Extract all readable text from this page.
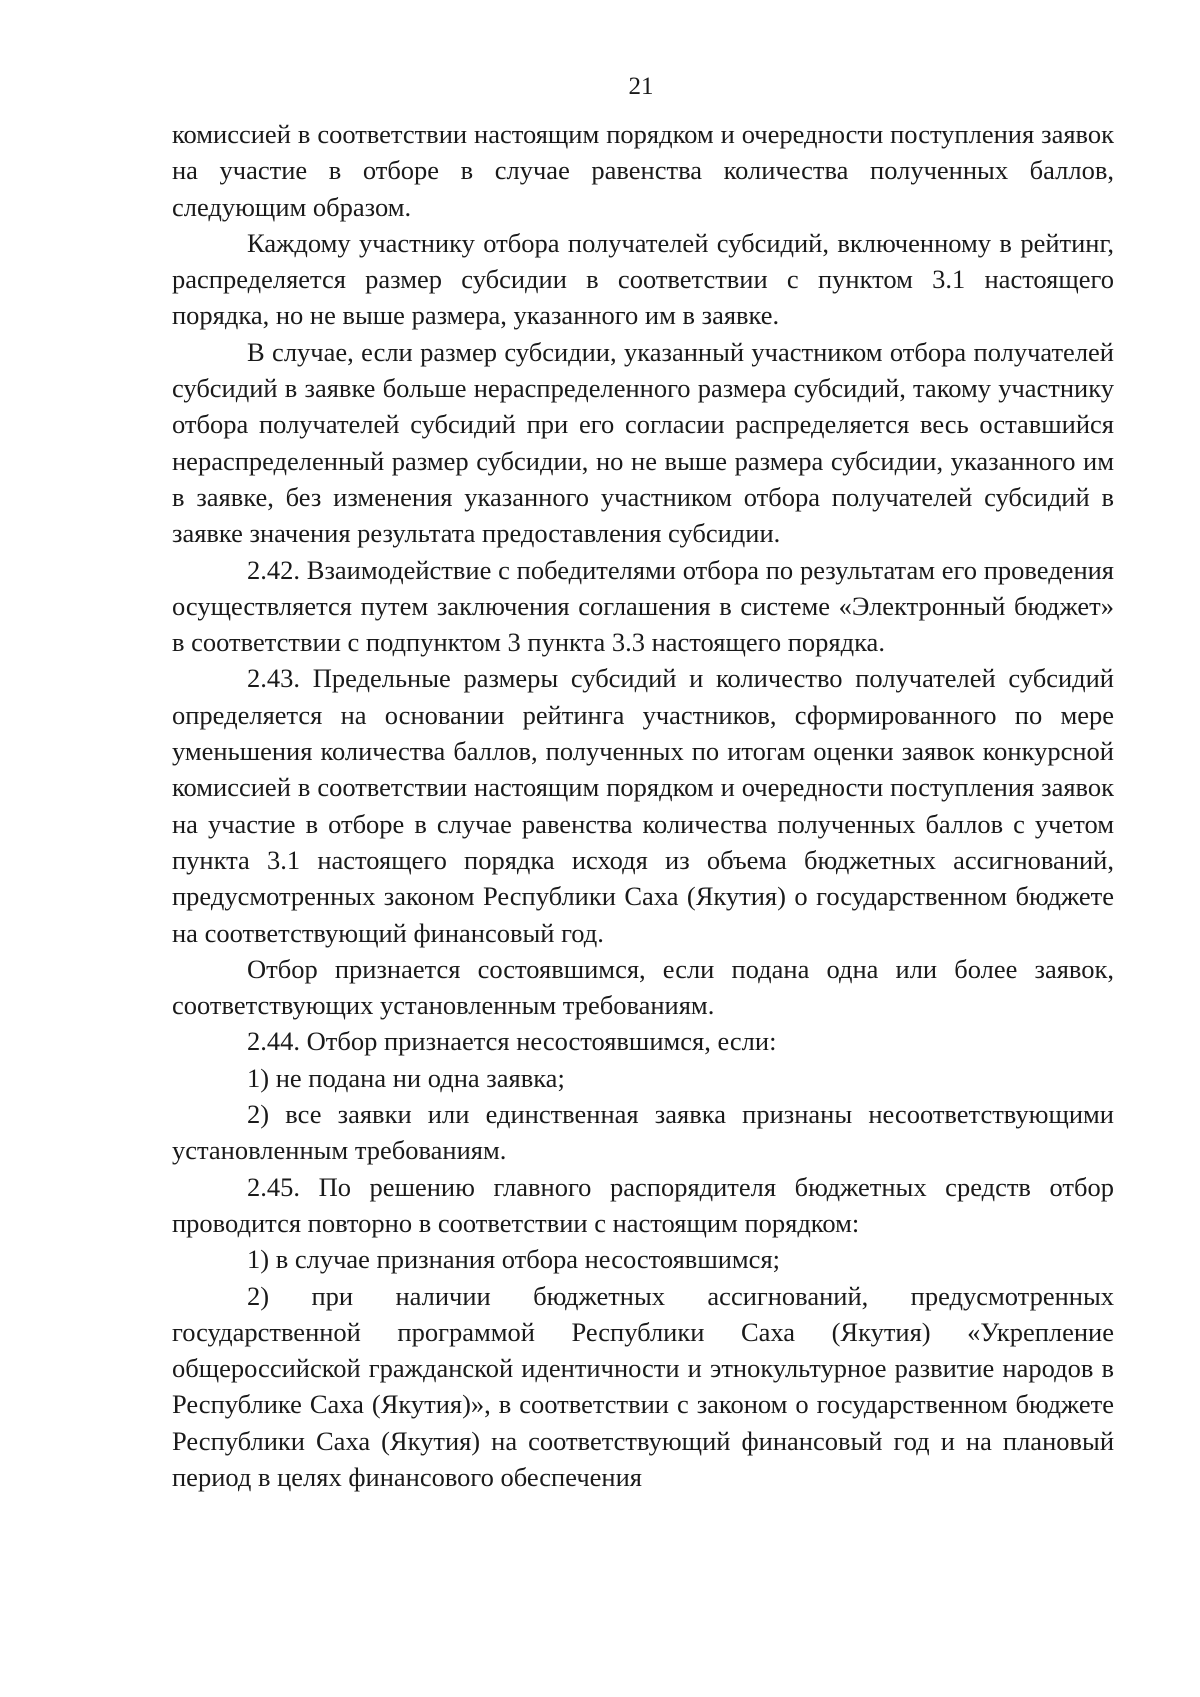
21

комиссией в соответствии настоящим порядком и очередности поступления заявок на участие в отборе в случае равенства количества полученных баллов, следующим образом.

Каждому участнику отбора получателей субсидий, включенному в рейтинг, распределяется размер субсидии в соответствии с пунктом 3.1 настоящего порядка, но не выше размера, указанного им в заявке.

В случае, если размер субсидии, указанный участником отбора получателей субсидий в заявке больше нераспределенного размера субсидий, такому участнику отбора получателей субсидий при его согласии распределяется весь оставшийся нераспределенный размер субсидии, но не выше размера субсидии, указанного им в заявке, без изменения указанного участником отбора получателей субсидий в заявке значения результата предоставления субсидии.

2.42. Взаимодействие с победителями отбора по результатам его проведения осуществляется путем заключения соглашения в системе «Электронный бюджет» в соответствии с подпунктом 3 пункта 3.3 настоящего порядка.

2.43. Предельные размеры субсидий и количество получателей субсидий определяется на основании рейтинга участников, сформированного по мере уменьшения количества баллов, полученных по итогам оценки заявок конкурсной комиссией в соответствии настоящим порядком и очередности поступления заявок на участие в отборе в случае равенства количества полученных баллов с учетом пункта 3.1 настоящего порядка исходя из объема бюджетных ассигнований, предусмотренных законом Республики Саха (Якутия) о государственном бюджете на соответствующий финансовый год.

Отбор признается состоявшимся, если подана одна или более заявок, соответствующих установленным требованиям.

2.44. Отбор признается несостоявшимся, если:

1) не подана ни одна заявка;

2) все заявки или единственная заявка признаны несоответствующими установленным требованиям.

2.45. По решению главного распорядителя бюджетных средств отбор проводится повторно в соответствии с настоящим порядком:

1) в случае признания отбора несостоявшимся;

2) при наличии бюджетных ассигнований, предусмотренных государственной программой Республики Саха (Якутия) «Укрепление общероссийской гражданской идентичности и этнокультурное развитие народов в Республике Саха (Якутия)», в соответствии с законом о государственном бюджете Республики Саха (Якутия) на соответствующий финансовый год и на плановый период в целях финансового обеспечения
